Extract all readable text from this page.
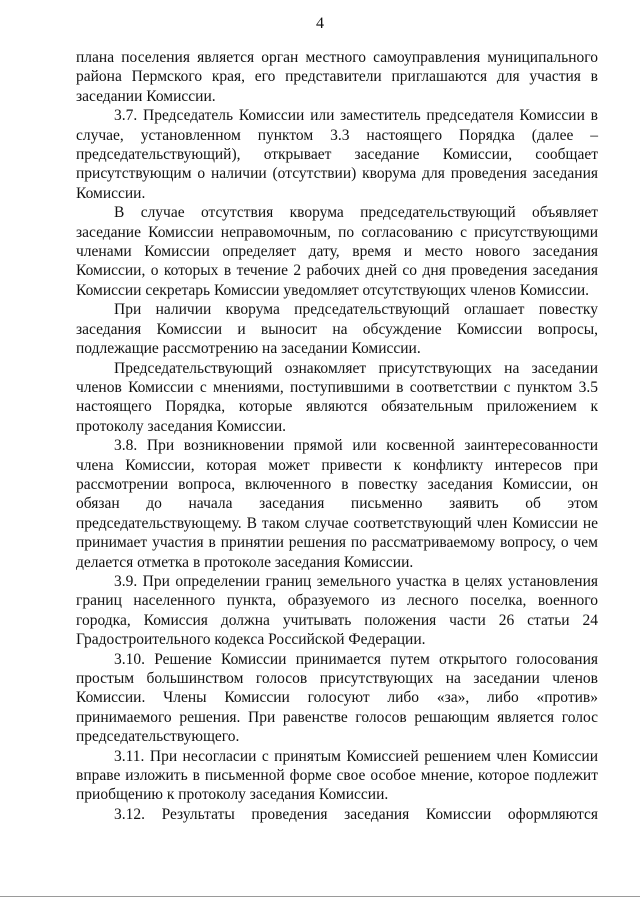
4

плана поселения является орган местного самоуправления муниципального района Пермского края, его представители приглашаются для участия в заседании Комиссии.

3.7. Председатель Комиссии или заместитель председателя Комиссии в случае, установленном пунктом 3.3 настоящего Порядка (далее – председательствующий), открывает заседание Комиссии, сообщает присутствующим о наличии (отсутствии) кворума для проведения заседания Комиссии.

В случае отсутствия кворума председательствующий объявляет заседание Комиссии неправомочным, по согласованию с присутствующими членами Комиссии определяет дату, время и место нового заседания Комиссии, о которых в течение 2 рабочих дней со дня проведения заседания Комиссии секретарь Комиссии уведомляет отсутствующих членов Комиссии.

При наличии кворума председательствующий оглашает повестку заседания Комиссии и выносит на обсуждение Комиссии вопросы, подлежащие рассмотрению на заседании Комиссии.

Председательствующий ознакомляет присутствующих на заседании членов Комиссии с мнениями, поступившими в соответствии с пунктом 3.5 настоящего Порядка, которые являются обязательным приложением к протоколу заседания Комиссии.

3.8. При возникновении прямой или косвенной заинтересованности члена Комиссии, которая может привести к конфликту интересов при рассмотрении вопроса, включенного в повестку заседания Комиссии, он обязан до начала заседания письменно заявить об этом председательствующему. В таком случае соответствующий член Комиссии не принимает участия в принятии решения по рассматриваемому вопросу, о чем делается отметка в протоколе заседания Комиссии.

3.9. При определении границ земельного участка в целях установления границ населенного пункта, образуемого из лесного поселка, военного городка, Комиссия должна учитывать положения части 26 статьи 24 Градостроительного кодекса Российской Федерации.

3.10. Решение Комиссии принимается путем открытого голосования простым большинством голосов присутствующих на заседании членов Комиссии. Члены Комиссии голосуют либо «за», либо «против» принимаемого решения. При равенстве голосов решающим является голос председательствующего.

3.11. При несогласии с принятым Комиссией решением член Комиссии вправе изложить в письменной форме свое особое мнение, которое подлежит приобщению к протоколу заседания Комиссии.

3.12. Результаты проведения заседания Комиссии оформляются
